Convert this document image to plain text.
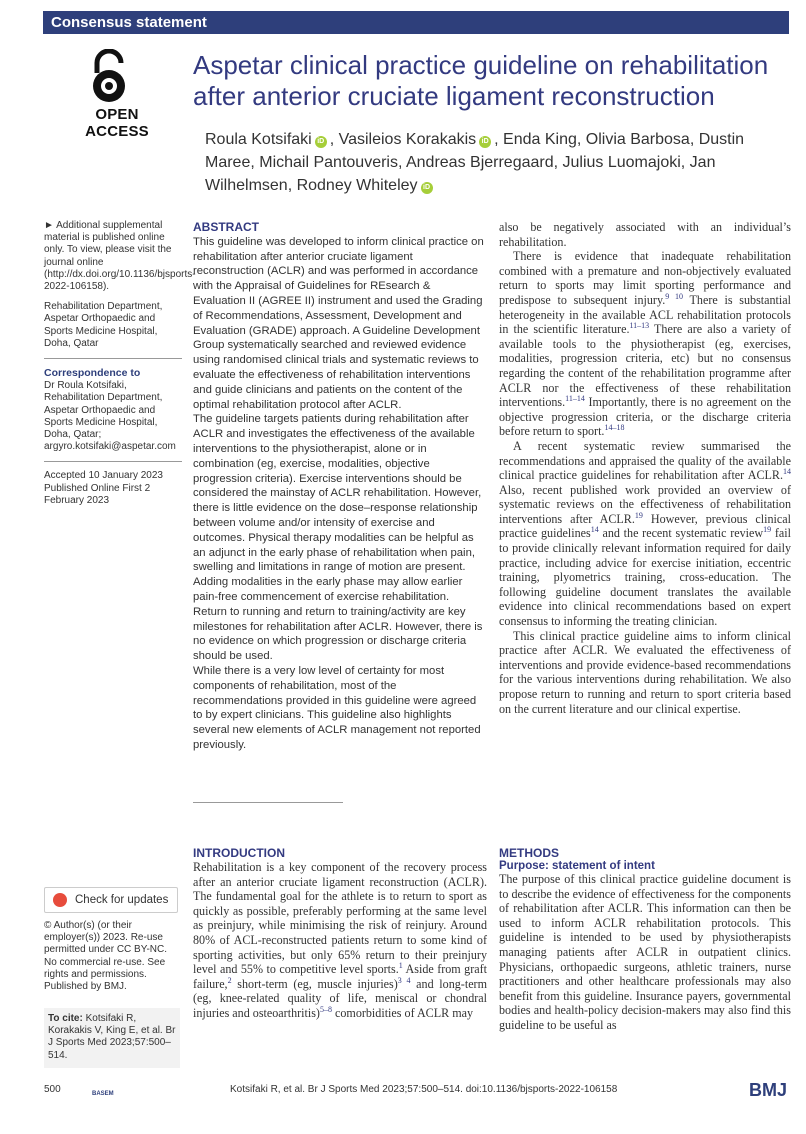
Consensus statement
OPEN ACCESS
Aspetar clinical practice guideline on rehabilitation after anterior cruciate ligament reconstruction
Roula Kotsifaki iD , Vasileios Korakakis iD , Enda King, Olivia Barbosa, Dustin Maree, Michail Pantouveris, Andreas Bjerregaard, Julius Luomajoki, Jan Wilhelmsen, Rodney Whiteley iD

► Additional supplemental material is published online only. To view, please visit the journal online (http://dx.doi.org/10.1136/bjsports-2022-106158).

Rehabilitation Department, Aspetar Orthopaedic and Sports Medicine Hospital, Doha, Qatar

Correspondence to

Dr Roula Kotsifaki, Rehabilitation Department, Aspetar Orthopaedic and Sports Medicine Hospital, Doha, Qatar; argyro.kotsifaki@aspetar.com

Accepted 10 January 2023

Published Online First 2 February 2023

Check for updates
© Author(s) (or their employer(s)) 2023. Re-use permitted under CC BY-NC. No commercial re-use. See rights and permissions. Published by BMJ.
To cite: Kotsifaki R, Korakakis V, King E, et al. Br J Sports Med 2023;57:500–514.
ABSTRACT

This guideline was developed to inform clinical practice on rehabilitation after anterior cruciate ligament reconstruction (ACLR) and was performed in accordance with the Appraisal of Guidelines for REsearch & Evaluation II (AGREE II) instrument and used the Grading of Recommendations, Assessment, Development and Evaluation (GRADE) approach. A Guideline Development Group systematically searched and reviewed evidence using randomised clinical trials and systematic reviews to evaluate the effectiveness of rehabilitation interventions and guide clinicians and patients on the content of the optimal rehabilitation protocol after ACLR.

The guideline targets patients during rehabilitation after ACLR and investigates the effectiveness of the available interventions to the physiotherapist, alone or in combination (eg, exercise, modalities, objective progression criteria). Exercise interventions should be considered the mainstay of ACLR rehabilitation. However, there is little evidence on the dose–response relationship between volume and/or intensity of exercise and outcomes. Physical therapy modalities can be helpful as an adjunct in the early phase of rehabilitation when pain, swelling and limitations in range of motion are present. Adding modalities in the early phase may allow earlier pain-free commencement of exercise rehabilitation. Return to running and return to training/activity are key milestones for rehabilitation after ACLR. However, there is no evidence on which progression or discharge criteria should be used.

While there is a very low level of certainty for most components of rehabilitation, most of the recommendations provided in this guideline were agreed to by expert clinicians. This guideline also highlights several new elements of ACLR management not reported previously.

INTRODUCTION

Rehabilitation is a key component of the recovery process after an anterior cruciate ligament reconstruction (ACLR). The fundamental goal for the athlete is to return to sport as quickly as possible, preferably performing at the same level as preinjury, while minimising the risk of reinjury. Around 80% of ACL-reconstructed patients return to some kind of sporting activities, but only 65% return to their preinjury level and 55% to competitive level sports.$^1$ Aside from graft failure,$^2$ short-term (eg, muscle injuries)$^{3 4}$ and long-term (eg, knee-related quality of life, meniscal or chondral injuries and osteoarthritis)$^{5-8}$ comorbidities of ACLR may

also be negatively associated with an individual’s rehabilitation.

There is evidence that inadequate rehabilitation combined with a premature and non-objectively evaluated return to sports may limit sporting performance and predispose to subsequent injury.$^{9 10}$ There is substantial heterogeneity in the available ACL rehabilitation protocols in the scientific literature.$^{11-13}$ There are also a variety of available tools to the physiotherapist (eg, exercises, modalities, progression criteria, etc) but no consensus regarding the content of the rehabilitation programme after ACLR nor the effectiveness of these rehabilitation interventions.$^{11-14}$ Importantly, there is no agreement on the objective progression criteria, or the discharge criteria before return to sport.$^{14-18}$

A recent systematic review summarised the recommendations and appraised the quality of the available clinical practice guidelines for rehabilitation after ACLR.$^{14}$ Also, recent published work provided an overview of systematic reviews on the effectiveness of rehabilitation interventions after ACLR.$^{19}$ However, previous clinical practice guidelines$^{14}$ and the recent systematic review$^{19}$ fail to provide clinically relevant information required for daily practice, including advice for exercise initiation, eccentric training, plyometrics training, cross-education. The following guideline document translates the available evidence into clinical recommendations based on expert consensus to informing the treating clinician.

This clinical practice guideline aims to inform clinical practice after ACLR. We evaluated the effectiveness of interventions and provide evidence-based recommendations for the various interventions during rehabilitation. We also propose return to running and return to sport criteria based on the current literature and our clinical expertise.

METHODS
Purpose: statement of intent

The purpose of this clinical practice guideline document is to describe the evidence of effectiveness for the components of rehabilitation after ACLR. This information can then be used to inform ACLR rehabilitation protocols. This guideline is intended to be used by physiotherapists managing patients after ACLR in outpatient clinics. Physicians, orthopaedic surgeons, athletic trainers, nurse practitioners and other healthcare professionals may also benefit from this guideline. Insurance payers, governmental bodies and health-policy decision-makers may also find this guideline to be useful as

500	BASEM	Kotsifaki R, et al. Br J Sports Med 2023;57:500–514. doi:10.1136/bjsports-2022-106158	BMJ
